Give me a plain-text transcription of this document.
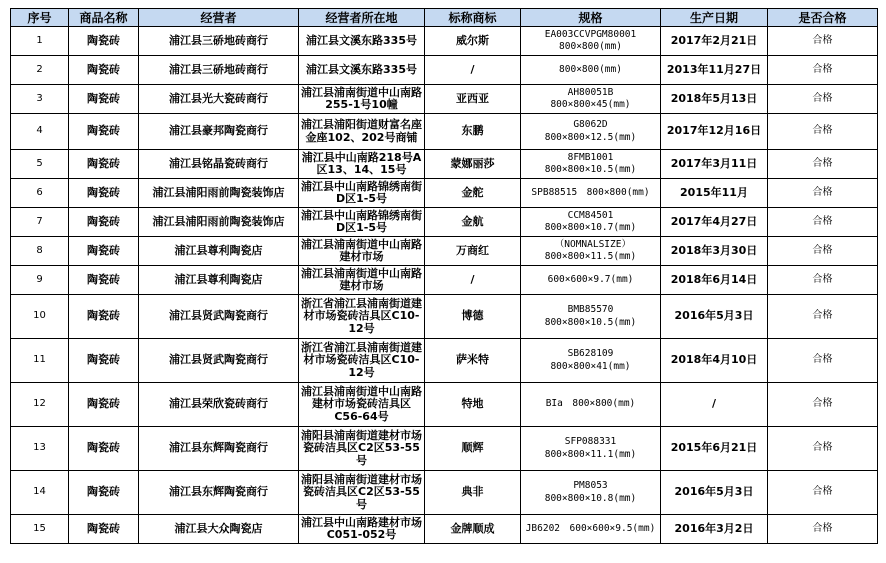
序号	商品名称	经营者	经营者所在地	标称商标	规格	生产日期	是否合格
1	陶瓷砖	浦江县三硚地砖商行	浦江县文溪东路335号	威尔斯	EA003CCVPGM80001　800×800(mm)	2017年2月21日	合格
2	陶瓷砖	浦江县三硚地砖商行	浦江县文溪东路335号	/	800×800(mm)	2013年11月27日	合格
3	陶瓷砖	浦江县光大瓷砖商行	浦江县浦南街道中山南路255-1号10幢	亚西亚	AH80051B　800×800×45(mm)	2018年5月13日	合格
4	陶瓷砖	浦江县豪邦陶瓷商行	浦江县浦阳街道财富名座金座102、202号商铺	东鹏	G8062D　800×800×12.5(mm)	2017年12月16日	合格
5	陶瓷砖	浦江县铭晶瓷砖商行	浦江县中山南路218号A区13、14、15号	蒙娜丽莎	8FMB1001　800×800×10.5(mm)	2017年3月11日	合格
6	陶瓷砖	浦江县浦阳雨前陶瓷装饰店	浦江县中山南路锦绣南街D区1-5号	金舵	SPB88515　800×800(mm)	2015年11月	合格
7	陶瓷砖	浦江县浦阳雨前陶瓷装饰店	浦江县中山南路锦绣南街D区1-5号	金航	CCM84501　800×800×10.7(mm)	2017年4月27日	合格
8	陶瓷砖	浦江县尊利陶瓷店	浦江县浦南街道中山南路建材市场	万商红	（NOMNALSIZE）　800×800×11.5(mm)	2018年3月30日	合格
9	陶瓷砖	浦江县尊利陶瓷店	浦江县浦南街道中山南路建材市场	/	600×600×9.7(mm)	2018年6月14日	合格
10	陶瓷砖	浦江县贤武陶瓷商行	浙江省浦江县浦南街道建材市场瓷砖洁具区C10-12号	博德	BMB85570　800×800×10.5(mm)	2016年5月3日	合格
11	陶瓷砖	浦江县贤武陶瓷商行	浙江省浦江县浦南街道建材市场瓷砖洁具区C10-12号	萨米特	SB628109　800×800×41(mm)	2018年4月10日	合格
12	陶瓷砖	浦江县荣欣瓷砖商行	浦江县浦南街道中山南路建材市场瓷砖洁具区C56-64号	特地	BIa　800×800(mm)	/	合格
13	陶瓷砖	浦江县东辉陶瓷商行	浦阳县浦南街道建材市场瓷砖洁具区C2区53-55号	顺辉	SFP088331　800×800×11.1(mm)	2015年6月21日	合格
14	陶瓷砖	浦江县东辉陶瓷商行	浦阳县浦南街道建材市场瓷砖洁具区C2区53-55号	典非	PM8053　800×800×10.8(mm)	2016年5月3日	合格
15	陶瓷砖	浦江县大众陶瓷店	浦江县中山南路建材市场C051-052号	金牌顺成	JB6202　600×600×9.5(mm)	2016年3月2日	合格
